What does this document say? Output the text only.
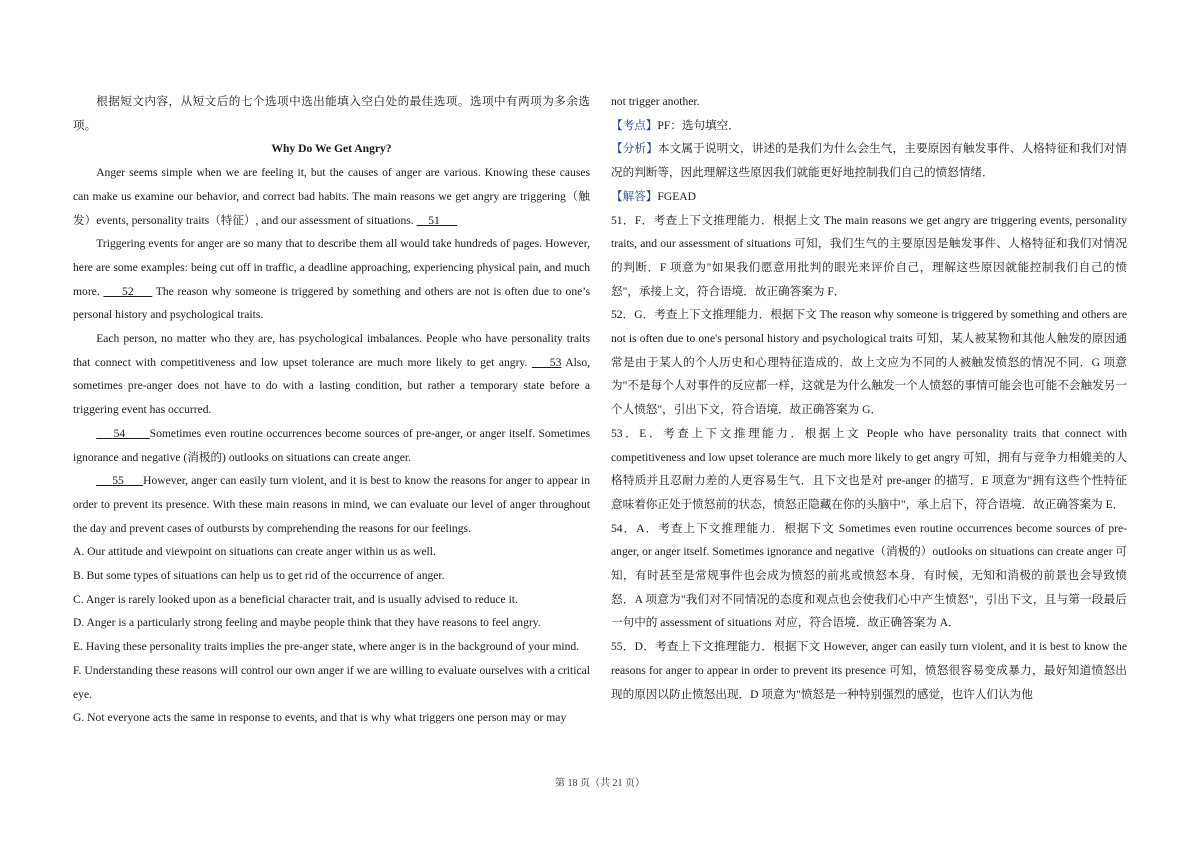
根据短文内容，从短文后的七个选项中选出能填入空白处的最佳选项。选项中有两项为多余选项。

Why Do We Get Angry?

Anger seems simple when we are feeling it, but the causes of anger are various. Knowing these causes can make us examine our behavior, and correct bad habits. The main reasons we get angry are triggering（触发）events, personality traits（特征）, and our assessment of situations.     51

Triggering events for anger are so many that to describe them all would take hundreds of pages. However, here are some examples: being cut off in traffic, a deadline approaching, experiencing physical pain, and much more.      52      The reason why someone is triggered by something and others are not is often due to one’s personal history and psychological traits.

Each person, no matter who they are, has psychological imbalances. People who have personality traits that connect with competitiveness and low upset tolerance are much more likely to get angry.     53 Also, sometimes pre-anger does not have to do with a lasting condition, but rather a temporary state before a triggering event has occurred.

54       Sometimes even routine occurrences become sources of pre-anger, or anger itself. Sometimes ignorance and negative (消极的) outlooks on situations can create anger.

55      However, anger can easily turn violent, and it is best to know the reasons for anger to appear in order to prevent its presence. With these main reasons in mind, we can evaluate our level of anger throughout the day and prevent cases of outbursts by comprehending the reasons for our feelings.

A. Our attitude and viewpoint on situations can create anger within us as well.

B. But some types of situations can help us to get rid of the occurrence of anger.

C. Anger is rarely looked upon as a beneficial character trait, and is usually advised to reduce it.

D. Anger is a particularly strong feeling and maybe people think that they have reasons to feel angry.

E. Having these personality traits implies the pre-anger state, where anger is in the background of your mind.

F. Understanding these reasons will control our own anger if we are willing to evaluate ourselves with a critical eye.

G. Not everyone acts the same in response to events, and that is why what triggers one person may or may

not trigger another.

【考点】PF：选句填空．

【分析】本文属于说明文，讲述的是我们为什么会生气，主要原因有触发事件、人格特征和我们对情况的判断等，因此理解这些原因我们就能更好地控制我们自己的愤怒情绪．

【解答】FGEAD

51．F．考查上下文推理能力．根据上文 The main reasons we get angry are triggering events, personality traits, and our assessment of situations 可知，我们生气的主要原因是触发事件、人格特征和我们对情况的判断．F 项意为"如果我们愿意用批判的眼光来评价自己，理解这些原因就能控制我们自己的愤怒"，承接上文，符合语境．故正确答案为 F．

52．G．考查上下文推理能力．根据下文 The reason why someone is triggered by something and others are not is often due to one's personal history and psychological traits 可知，某人被某物和其他人触发的原因通常是由于某人的个人历史和心理特征造成的．故上文应为不同的人被触发愤怒的情况不同．G 项意为"不是每个人对事件的反应都一样，这就是为什么触发一个人愤怒的事情可能会也可能不会触发另一个人愤怒"，引出下文，符合语境．故正确答案为 G．

53．E．考查上下文推理能力．根据上文 People who have personality traits that connect with competitiveness and low upset tolerance are much more likely to get angry 可知，拥有与竞争力相媲美的人格特质并且忍耐力差的人更容易生气．且下文也是对 pre-anger 的描写．E 项意为"拥有这些个性特征意味着你正处于愤怒前的状态，愤怒正隐藏在你的头脑中"，承上启下，符合语境．故正确答案为 E．

54．A．考查上下文推理能力．根据下文 Sometimes even routine occurrences become sources of pre-anger, or anger itself. Sometimes ignorance and negative（消极的）outlooks on situations can create anger 可知，有时甚至是常规事件也会成为愤怒的前兆或愤怒本身．有时候，无知和消极的前景也会导致愤怒．A 项意为"我们对不同情况的态度和观点也会使我们心中产生愤怒"，引出下文，且与第一段最后一句中的 assessment of situations 对应，符合语境．故正确答案为 A．

55．D．考查上下文推理能力．根据下文 However, anger can easily turn violent, and it is best to know the reasons for anger to appear in order to prevent its presence 可知，愤怒很容易变成暴力，最好知道愤怒出现的原因以防止愤怒出现．D 项意为"愤怒是一种特别强烈的感觉，也许人们认为他

第 18 页（共 21 页）
